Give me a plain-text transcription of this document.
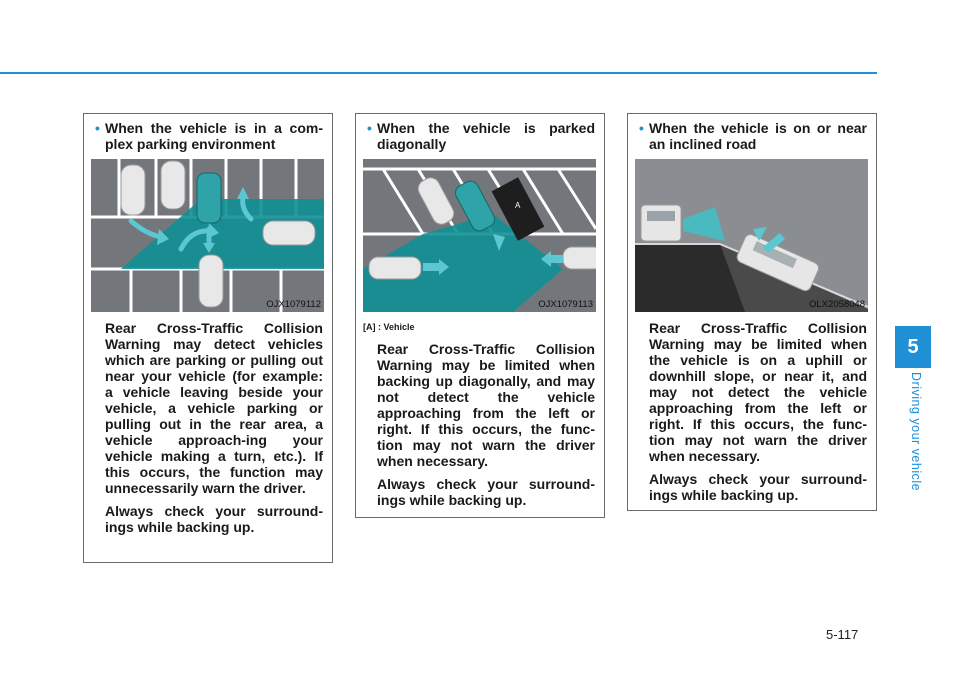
• When the vehicle is in a com-plex parking environment
OJX1079112

Rear Cross-Traffic Collision Warning may detect vehicles which are parking or pulling out near your vehicle (for example: a vehicle leaving beside your vehicle, a vehicle parking or pulling out in the rear area, a vehicle approach-ing your vehicle making a turn, etc.). If this occurs, the function may unnecessarily warn the driver.

Always check your surround-ings while backing up.

• When the vehicle is parked diagonally
A
OJX1079113
[A] : Vehicle

Rear Cross-Traffic Collision Warning may be limited when backing up diagonally, and may not detect the vehicle approaching from the left or right. If this occurs, the func-tion may not warn the driver when necessary.

Always check your surround-ings while backing up.

• When the vehicle is on or near an inclined road
OLX2058048

Rear Cross-Traffic Collision Warning may be limited when the vehicle is on a uphill or downhill slope, or near it, and may not detect the vehicle approaching from the left or right. If this occurs, the func-tion may not warn the driver when necessary.

Always check your surround-ings while backing up.

5
Driving your vehicle
5-117
